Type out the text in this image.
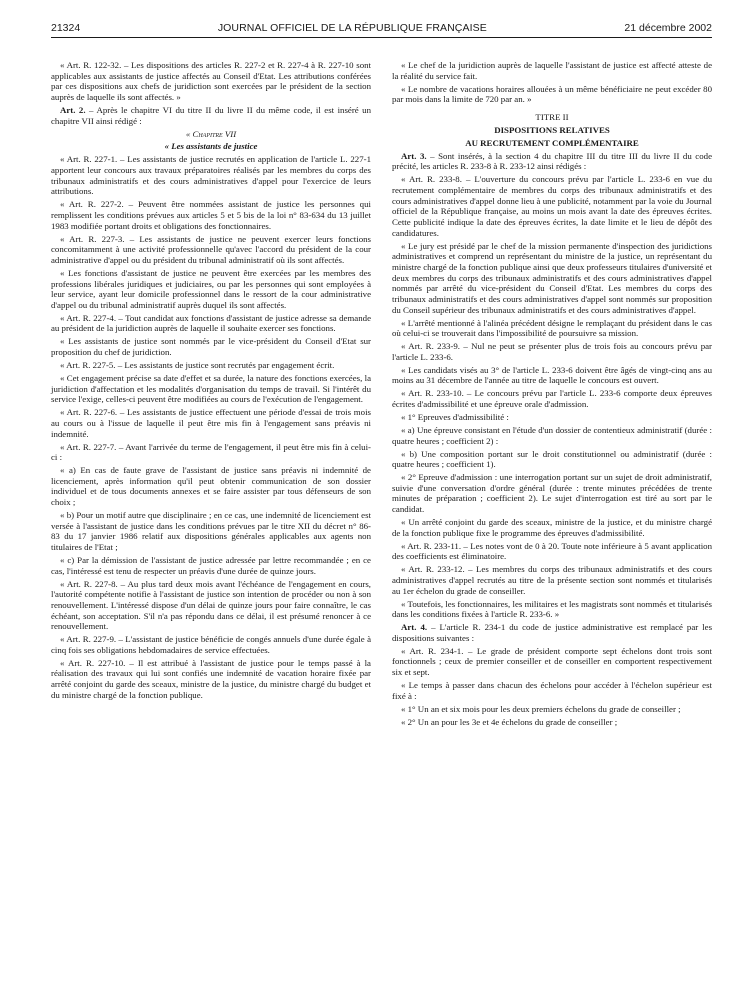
21324	JOURNAL OFFICIEL DE LA RÉPUBLIQUE FRANÇAISE	21 décembre 2002

« Art. R. 122-32. – Les dispositions des articles R. 227-2 et R. 227-4 à R. 227-10 sont applicables aux assistants de justice affectés au Conseil d'Etat. Les attributions conférées par ces dispositions aux chefs de juridiction sont exercées par le président de la section auprès de laquelle ils sont affectés. »

Art. 2. – Après le chapitre VI du titre II du livre II du même code, il est inséré un chapitre VII ainsi rédigé :

« Chapitre VII

« Les assistants de justice

« Art. R. 227-1. – Les assistants de justice recrutés en application de l'article L. 227-1 apportent leur concours aux travaux préparatoires réalisés par les membres du corps des tribunaux administratifs et des cours administratives d'appel pour l'exercice de leurs attributions.

« Art. R. 227-2. – Peuvent être nommées assistant de justice les personnes qui remplissent les conditions prévues aux articles 5 et 5 bis de la loi n° 83-634 du 13 juillet 1983 modifiée portant droits et obligations des fonctionnaires.

« Art. R. 227-3. – Les assistants de justice ne peuvent exercer leurs fonctions concomitamment à une activité professionnelle qu'avec l'accord du président de la cour administrative d'appel ou du président du tribunal administratif où ils sont affectés.

« Les fonctions d'assistant de justice ne peuvent être exercées par les membres des professions libérales juridiques et judiciaires, ou par les personnes qui sont employées à leur service, ayant leur domicile professionnel dans le ressort de la cour administrative d'appel ou du tribunal administratif auprès duquel ils sont affectés.

« Art. R. 227-4. – Tout candidat aux fonctions d'assistant de justice adresse sa demande au président de la juridiction auprès de laquelle il souhaite exercer ses fonctions.

« Les assistants de justice sont nommés par le vice-président du Conseil d'Etat sur proposition du chef de juridiction.

« Art. R. 227-5. – Les assistants de justice sont recrutés par engagement écrit.

« Cet engagement précise sa date d'effet et sa durée, la nature des fonctions exercées, la juridiction d'affectation et les modalités d'organisation du temps de travail. Si l'intérêt du service l'exige, celles-ci peuvent être modifiées au cours de l'exécution de l'engagement.

« Art. R. 227-6. – Les assistants de justice effectuent une période d'essai de trois mois au cours ou à l'issue de laquelle il peut être mis fin à l'engagement sans préavis ni indemnité.

« Art. R. 227-7. – Avant l'arrivée du terme de l'engagement, il peut être mis fin à celui-ci :

« a) En cas de faute grave de l'assistant de justice sans préavis ni indemnité de licenciement, après information qu'il peut obtenir communication de son dossier individuel et de tous documents annexes et se faire assister par tous défenseurs de son choix ;

« b) Pour un motif autre que disciplinaire ; en ce cas, une indemnité de licenciement est versée à l'assistant de justice dans les conditions prévues par le titre XII du décret n° 86-83 du 17 janvier 1986 relatif aux dispositions générales applicables aux agents non titulaires de l'Etat ;

« c) Par la démission de l'assistant de justice adressée par lettre recommandée ; en ce cas, l'intéressé est tenu de respecter un préavis d'une durée de quinze jours.

« Art. R. 227-8. – Au plus tard deux mois avant l'échéance de l'engagement en cours, l'autorité compétente notifie à l'assistant de justice son intention de procéder ou non à son renouvellement. L'intéressé dispose d'un délai de quinze jours pour faire connaître, le cas échéant, son acceptation. S'il n'a pas répondu dans ce délai, il est présumé renoncer à ce renouvellement.

« Art. R. 227-9. – L'assistant de justice bénéficie de congés annuels d'une durée égale à cinq fois ses obligations hebdomadaires de service effectuées.

« Art. R. 227-10. – Il est attribué à l'assistant de justice pour le temps passé à la réalisation des travaux qui lui sont confiés une indemnité de vacation horaire fixée par arrêté conjoint du garde des sceaux, ministre de la justice, du ministre chargé du budget et du ministre chargé de la fonction publique.

« Le chef de la juridiction auprès de laquelle l'assistant de justice est affecté atteste de la réalité du service fait.

« Le nombre de vacations horaires allouées à un même bénéficiaire ne peut excéder 80 par mois dans la limite de 720 par an. »

TITRE II

DISPOSITIONS RELATIVES

AU RECRUTEMENT COMPLÉMENTAIRE

Art. 3. – Sont insérés, à la section 4 du chapitre III du titre III du livre II du code précité, les articles R. 233-8 à R. 233-12 ainsi rédigés :

« Art. R. 233-8. – L'ouverture du concours prévu par l'article L. 233-6 en vue du recrutement complémentaire de membres du corps des tribunaux administratifs et des cours administratives d'appel donne lieu à une publicité, notamment par la voie du Journal officiel de la République française, au moins un mois avant la date des épreuves écrites. Cette publicité indique la date des épreuves écrites, la date limite et le lieu de dépôt des candidatures.

« Le jury est présidé par le chef de la mission permanente d'inspection des juridictions administratives et comprend un représentant du ministre de la justice, un représentant du ministre chargé de la fonction publique ainsi que deux professeurs titulaires d'université et deux membres du corps des tribunaux administratifs et des cours administratives d'appel nommés par arrêté du vice-président du Conseil d'Etat. Les membres du corps des tribunaux administratifs et des cours administratives d'appel sont nommés sur proposition du Conseil supérieur des tribunaux administratifs et des cours administratives d'appel.

« L'arrêté mentionné à l'alinéa précédent désigne le remplaçant du président dans le cas où celui-ci se trouverait dans l'impossibilité de poursuivre sa mission.

« Art. R. 233-9. – Nul ne peut se présenter plus de trois fois au concours prévu par l'article L. 233-6.

« Les candidats visés au 3° de l'article L. 233-6 doivent être âgés de vingt-cinq ans au moins au 31 décembre de l'année au titre de laquelle le concours est ouvert.

« Art. R. 233-10. – Le concours prévu par l'article L. 233-6 comporte deux épreuves écrites d'admissibilité et une épreuve orale d'admission.

« 1° Epreuves d'admissibilité :

« a) Une épreuve consistant en l'étude d'un dossier de contentieux administratif (durée : quatre heures ; coefficient 2) :

« b) Une composition portant sur le droit constitutionnel ou administratif (durée : quatre heures ; coefficient 1).

« 2° Epreuve d'admission : une interrogation portant sur un sujet de droit administratif, suivie d'une conversation d'ordre général (durée : trente minutes précédées de trente minutes de préparation ; coefficient 2). Le sujet d'interrogation est tiré au sort par le candidat.

« Un arrêté conjoint du garde des sceaux, ministre de la justice, et du ministre chargé de la fonction publique fixe le programme des épreuves d'admissibilité.

« Art. R. 233-11. – Les notes vont de 0 à 20. Toute note inférieure à 5 avant application des coefficients est éliminatoire.

« Art. R. 233-12. – Les membres du corps des tribunaux administratifs et des cours administratives d'appel recrutés au titre de la présente section sont nommés et titularisés au 1er échelon du grade de conseiller.

« Toutefois, les fonctionnaires, les militaires et les magistrats sont nommés et titularisés dans les conditions fixées à l'article R. 233-6. »

Art. 4. – L'article R. 234-1 du code de justice administrative est remplacé par les dispositions suivantes :

« Art. R. 234-1. – Le grade de président comporte sept échelons dont trois sont fonctionnels ; ceux de premier conseiller et de conseiller en comportent respectivement six et sept.

« Le temps à passer dans chacun des échelons pour accéder à l'échelon supérieur est fixé à :

« 1° Un an et six mois pour les deux premiers échelons du grade de conseiller ;

« 2° Un an pour les 3e et 4e échelons du grade de conseiller ;
